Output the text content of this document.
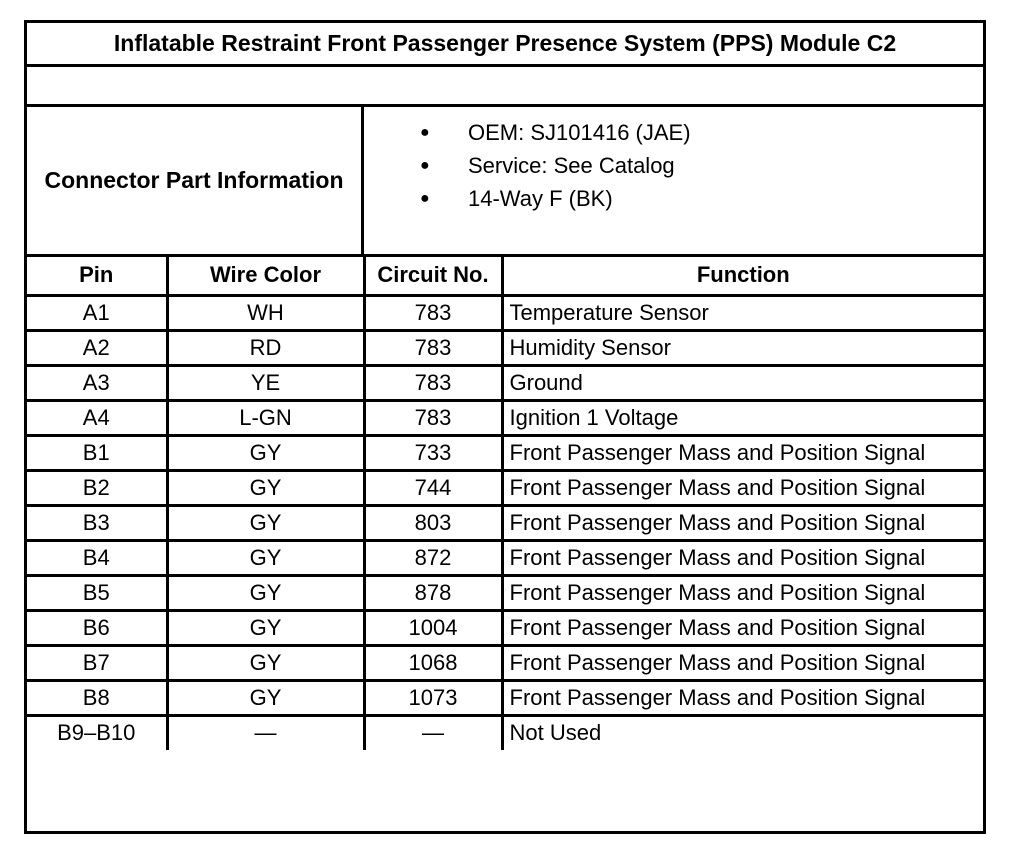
Inflatable Restraint Front Passenger Presence System (PPS) Module C2
Connector Part Information
● OEM: SJ101416 (JAE)
● Service: See Catalog
● 14-Way F (BK)
Pin	Wire Color	Circuit No.	Function
A1	WH	783	Temperature Sensor
A2	RD	783	Humidity Sensor
A3	YE	783	Ground
A4	L-GN	783	Ignition 1 Voltage
B1	GY	733	Front Passenger Mass and Position Signal
B2	GY	744	Front Passenger Mass and Position Signal
B3	GY	803	Front Passenger Mass and Position Signal
B4	GY	872	Front Passenger Mass and Position Signal
B5	GY	878	Front Passenger Mass and Position Signal
B6	GY	1004	Front Passenger Mass and Position Signal
B7	GY	1068	Front Passenger Mass and Position Signal
B8	GY	1073	Front Passenger Mass and Position Signal
B9–B10	—	—	Not Used
